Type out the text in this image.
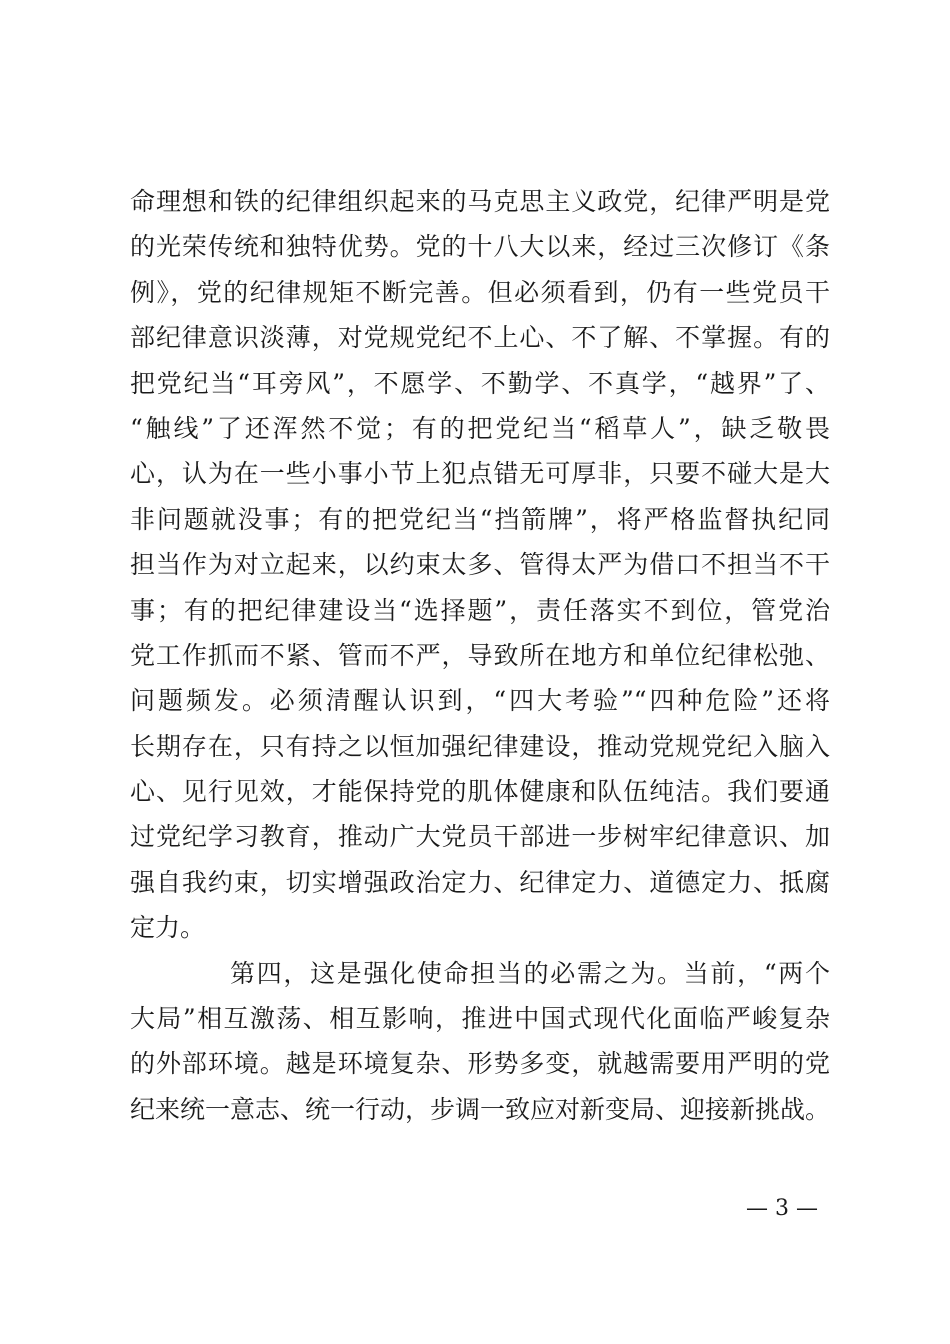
命理想和铁的纪律组织起来的马克思主义政党，纪律严明是党
的光荣传统和独特优势。党的十八大以来，经过三次修订《条
例》，党的纪律规矩不断完善。但必须看到，仍有一些党员干
部纪律意识淡薄，对党规党纪不上心、不了解、不掌握。有的
把党纪当“耳旁风”，不愿学、不勤学、不真学，“越界”了、
“触线”了还浑然不觉；有的把党纪当“稻草人”，缺乏敬畏
心，认为在一些小事小节上犯点错无可厚非，只要不碰大是大
非问题就没事；有的把党纪当“挡箭牌”，将严格监督执纪同
担当作为对立起来，以约束太多、管得太严为借口不担当不干
事；有的把纪律建设当“选择题”，责任落实不到位，管党治
党工作抓而不紧、管而不严，导致所在地方和单位纪律松弛、
问题频发。必须清醒认识到，“四大考验”“四种危险”还将
长期存在，只有持之以恒加强纪律建设，推动党规党纪入脑入
心、见行见效，才能保持党的肌体健康和队伍纯洁。我们要通
过党纪学习教育，推动广大党员干部进一步树牢纪律意识、加
强自我约束，切实增强政治定力、纪律定力、道德定力、抵腐
定力。
第四，这是强化使命担当的必需之为。当前，“两个
大局”相互激荡、相互影响，推进中国式现代化面临严峻复杂
的外部环境。越是环境复杂、形势多变，就越需要用严明的党
纪来统一意志、统一行动，步调一致应对新变局、迎接新挑战。
— 3 —
